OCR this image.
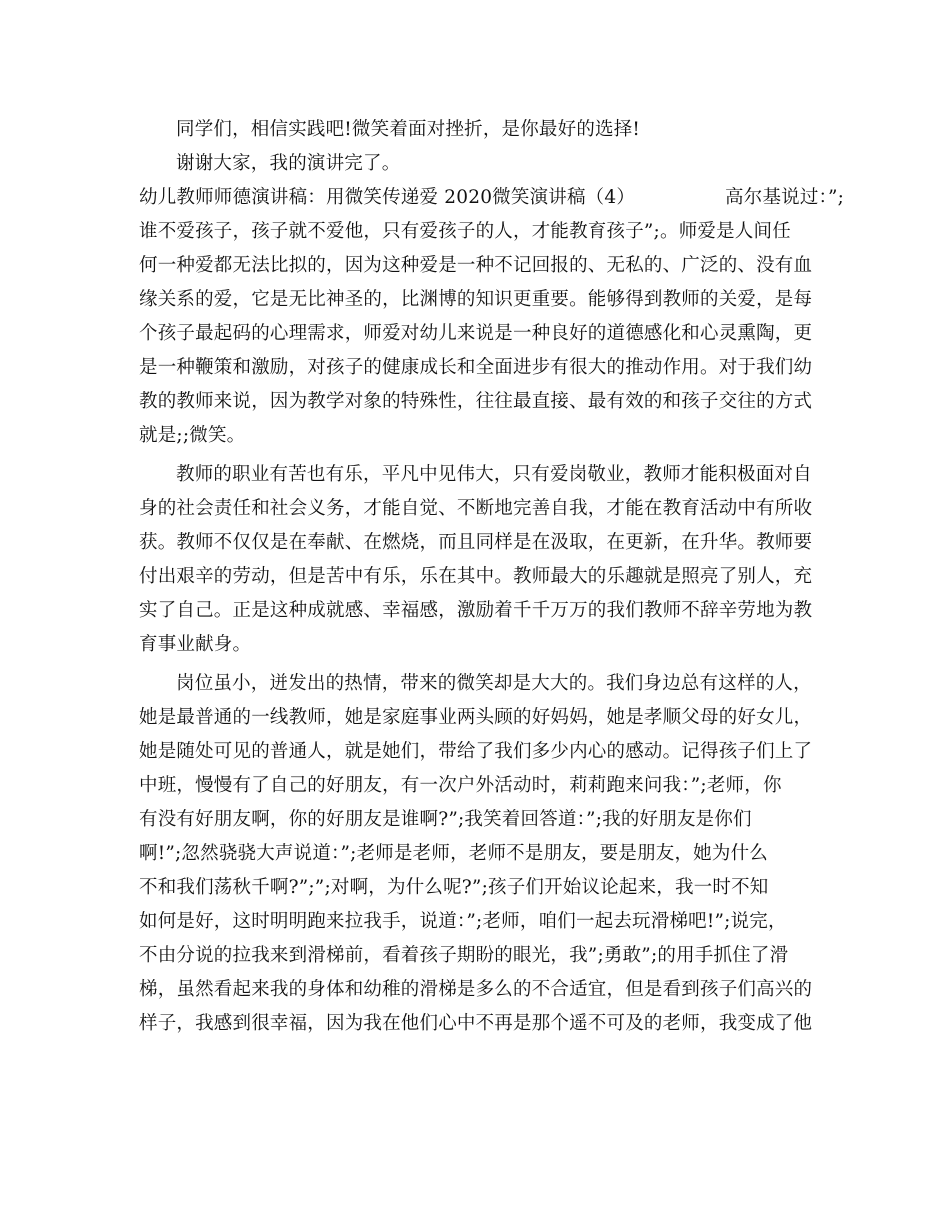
同学们，相信实践吧!微笑着面对挫折，是你最好的选择!
谢谢大家，我的演讲完了。
幼儿教师师德演讲稿：用微笑传递爱 2020微笑演讲稿（4）	高尔基说过：”;
谁不爱孩子，孩子就不爱他，只有爱孩子的人，才能教育孩子”;。师爱是人间任
何一种爱都无法比拟的，因为这种爱是一种不记回报的、无私的、广泛的、没有血
缘关系的爱，它是无比神圣的，比渊博的知识更重要。能够得到教师的关爱，是每
个孩子最起码的心理需求，师爱对幼儿来说是一种良好的道德感化和心灵熏陶，更
是一种鞭策和激励，对孩子的健康成长和全面进步有很大的推动作用。对于我们幼
教的教师来说，因为教学对象的特殊性，往往最直接、最有效的和孩子交往的方式
就是;;微笑。
教师的职业有苦也有乐，平凡中见伟大，只有爱岗敬业，教师才能积极面对自
身的社会责任和社会义务，才能自觉、不断地完善自我，才能在教育活动中有所收
获。教师不仅仅是在奉献、在燃烧，而且同样是在汲取，在更新，在升华。教师要
付出艰辛的劳动，但是苦中有乐，乐在其中。教师最大的乐趣就是照亮了别人，充
实了自己。正是这种成就感、幸福感，激励着千千万万的我们教师不辞辛劳地为教
育事业献身。
岗位虽小，迸发出的热情，带来的微笑却是大大的。我们身边总有这样的人，
她是最普通的一线教师，她是家庭事业两头顾的好妈妈，她是孝顺父母的好女儿，
她是随处可见的普通人，就是她们，带给了我们多少内心的感动。记得孩子们上了
中班，慢慢有了自己的好朋友，有一次户外活动时，莉莉跑来问我：”;老师，你
有没有好朋友啊，你的好朋友是谁啊?”;我笑着回答道：”;我的好朋友是你们
啊!”;忽然骁骁大声说道：”;老师是老师，老师不是朋友，要是朋友，她为什么
不和我们荡秋千啊?”;”;对啊，为什么呢?”;孩子们开始议论起来，我一时不知
如何是好，这时明明跑来拉我手，说道：”;老师，咱们一起去玩滑梯吧!”;说完，
不由分说的拉我来到滑梯前，看着孩子期盼的眼光，我”;勇敢”;的用手抓住了滑
梯，虽然看起来我的身体和幼稚的滑梯是多么的不合适宜，但是看到孩子们高兴的
样子，我感到很幸福，因为我在他们心中不再是那个遥不可及的老师，我变成了他
